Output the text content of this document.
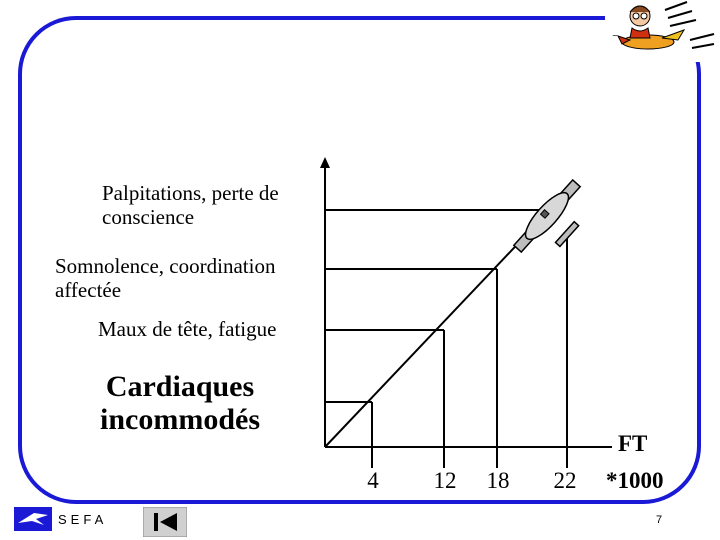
~
Palpitations, perte de
conscience
Somnolence, coordination
affectée
Maux de tête, fatigue
Cardiaques
incommodés
4	12	18	22
FT
*1000
SEFA	7
